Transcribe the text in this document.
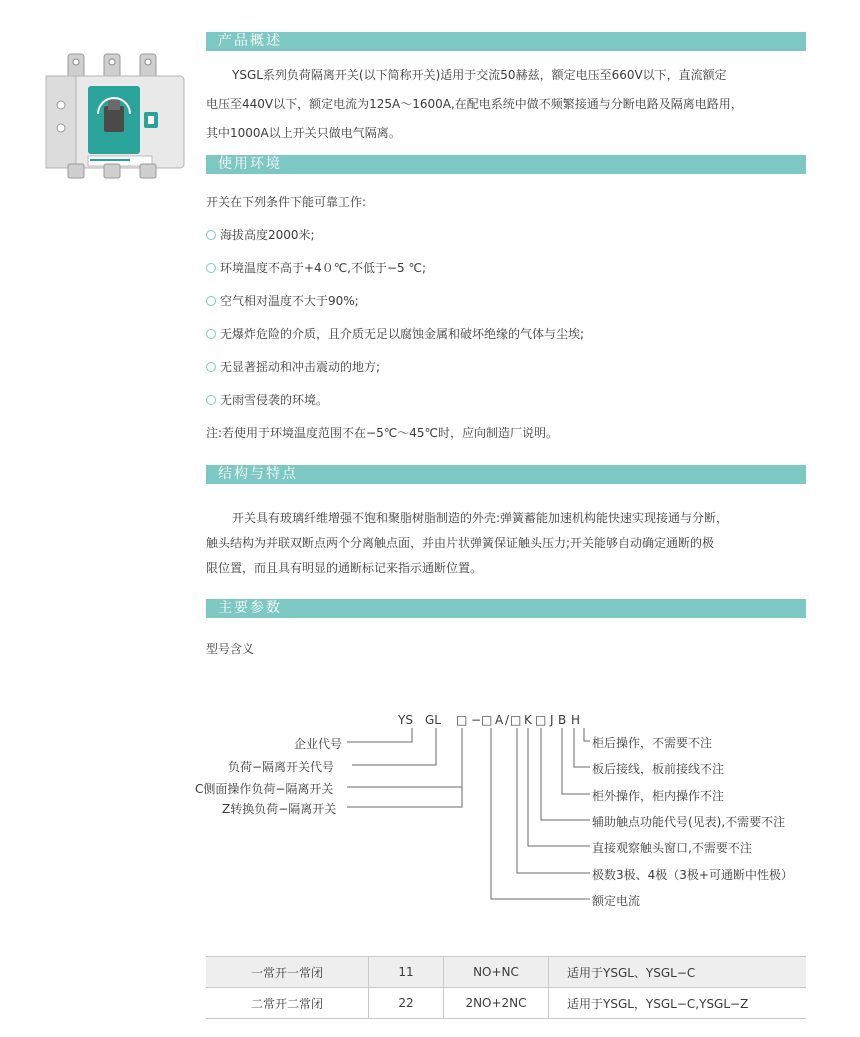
产品概述
YSGL系列负荷隔离开关(以下简称开关)适用于交流50赫兹，额定电压至660V以下，直流额定
电压至440V以下，额定电流为125A～1600A,在配电系统中做不频繁接通与分断电路及隔离电路用，
其中1000A以上开关只做电气隔离。
使用环境
开关在下列条件下能可靠工作:
海拔高度2000米;
环境温度不高于+4０℃,不低于−5 ℃;
空气相对温度不大于90%;
无爆炸危险的介质，且介质无足以腐蚀金属和破坏绝缘的气体与尘埃;
无显著摇动和冲击震动的地方;
无雨雪侵袭的环境。
注:若使用于环境温度范围不在−5℃～45℃时，应向制造厂说明。
结构与特点
开关具有玻璃纤维增强不饱和聚脂树脂制造的外壳:弹簧蓄能加速机构能快速实现接通与分断，
触头结构为并联双断点两个分离触点面，并由片状弹簧保证触头压力;开关能够自动确定通断的极
限位置，而且具有明显的通断标记来指示通断位置。
主要参数
型号含义
YS GL □ − □ A / □ K □ J B H
企业代号
负荷−隔离开关代号
C侧面操作负荷−隔离开关
Z转换负荷−隔离开关
柜后操作，不需要不注
板后接线，板前接线不注
柜外操作，柜内操作不注
辅助触点功能代号(见表),不需要不注
直接观察触头窗口,不需要不注
极数3极、4极（3极+可通断中性极）
额定电流
一常开一常闭	11	NO+NC	适用于YSGL、YSGL−C
二常开二常闭	22	2NO+2NC	适用于YSGL，YSGL−C,YSGL−Z
